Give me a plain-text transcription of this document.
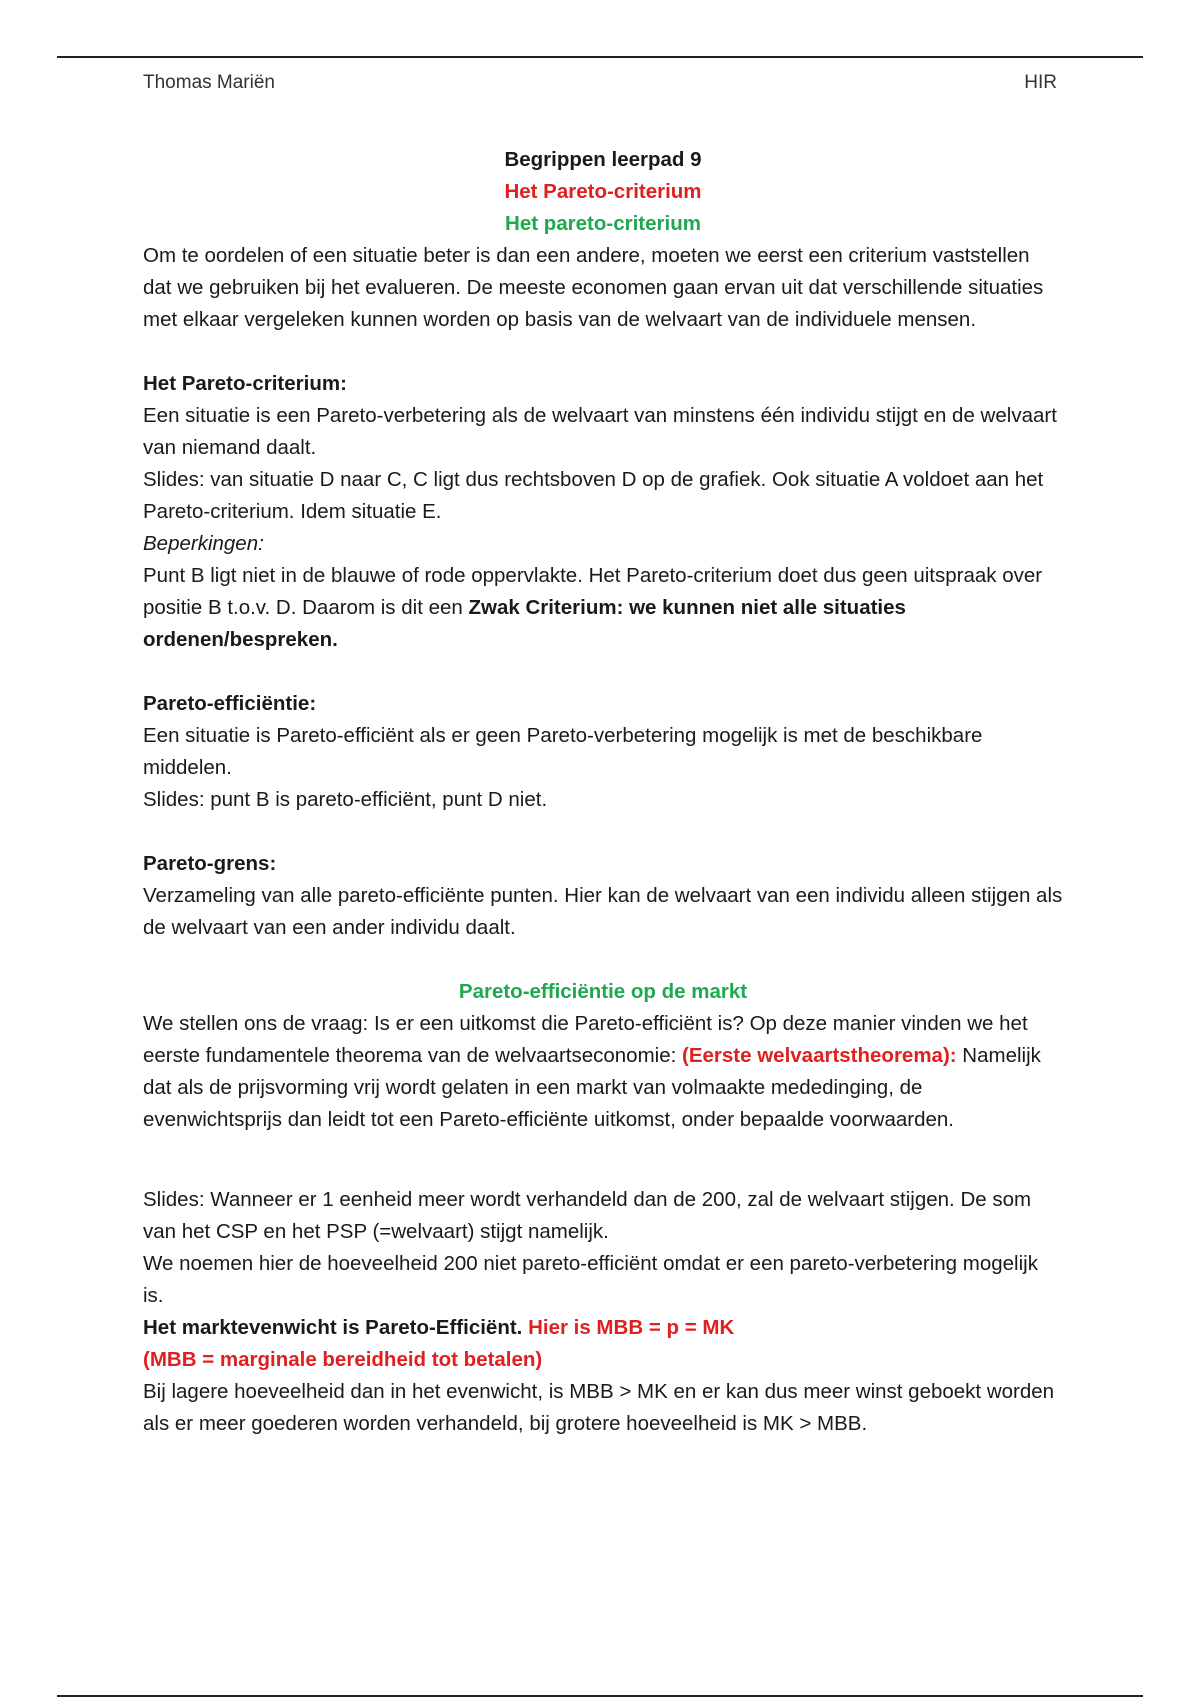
Thomas Mariën	HIR

Begrippen leerpad 9

Het Pareto-criterium

Het pareto-criterium

Om te oordelen of een situatie beter is dan een andere, moeten we eerst een criterium vaststellen dat we gebruiken bij het evalueren. De meeste economen gaan ervan uit dat verschillende situaties met elkaar vergeleken kunnen worden op basis van de welvaart van de individuele mensen.

Het Pareto-criterium:

Een situatie is een Pareto-verbetering als de welvaart van minstens één individu stijgt en de welvaart van niemand daalt.

Slides: van situatie D naar C, C ligt dus rechtsboven D op de grafiek. Ook situatie A voldoet aan het Pareto-criterium. Idem situatie E.

Beperkingen:

Punt B ligt niet in de blauwe of rode oppervlakte. Het Pareto-criterium doet dus geen uitspraak over positie B t.o.v. D. Daarom is dit een Zwak Criterium: we kunnen niet alle situaties ordenen/bespreken.

Pareto-efficiëntie:

Een situatie is Pareto-efficiënt als er geen Pareto-verbetering mogelijk is met de beschikbare middelen.

Slides: punt B is pareto-efficiënt, punt D niet.

Pareto-grens:

Verzameling van alle pareto-efficiënte punten. Hier kan de welvaart van een individu alleen stijgen als de welvaart van een ander individu daalt.

Pareto-efficiëntie op de markt

We stellen ons de vraag: Is er een uitkomst die Pareto-efficiënt is? Op deze manier vinden we het eerste fundamentele theorema van de welvaartseconomie: (Eerste welvaartstheorema): Namelijk dat als de prijsvorming vrij wordt gelaten in een markt van volmaakte mededinging, de evenwichtsprijs dan leidt tot een Pareto-efficiënte uitkomst, onder bepaalde voorwaarden.

Slides: Wanneer er 1 eenheid meer wordt verhandeld dan de 200, zal de welvaart stijgen. De som van het CSP en het PSP (=welvaart) stijgt namelijk.

We noemen hier de hoeveelheid 200 niet pareto-efficiënt omdat er een pareto-verbetering mogelijk is.

Het marktevenwicht is Pareto-Efficiënt. Hier is MBB = p = MK

(MBB = marginale bereidheid tot betalen)

Bij lagere hoeveelheid dan in het evenwicht, is MBB > MK en er kan dus meer winst geboekt worden als er meer goederen worden verhandeld, bij grotere hoeveelheid is MK > MBB.
